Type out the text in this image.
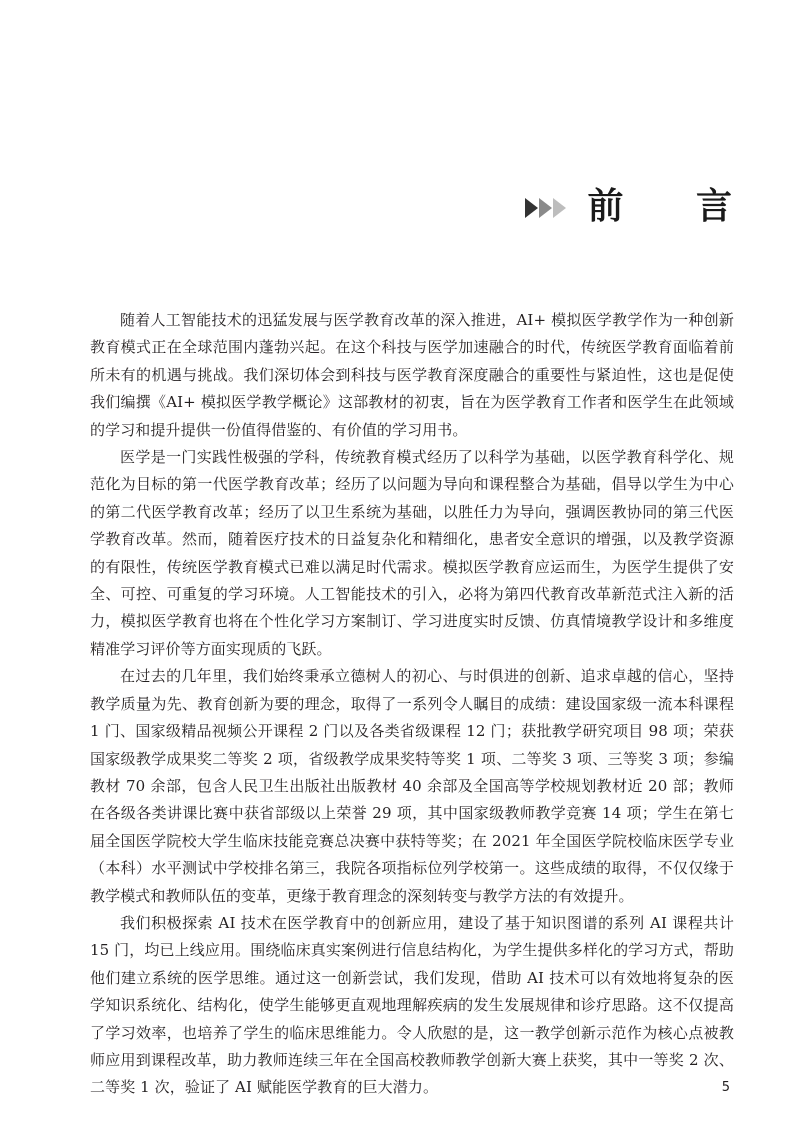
前 言

随着人工智能技术的迅猛发展与医学教育改革的深入推进，AI+ 模拟医学教学作为一种创新教育模式正在全球范围内蓬勃兴起。在这个科技与医学加速融合的时代，传统医学教育面临着前所未有的机遇与挑战。我们深切体会到科技与医学教育深度融合的重要性与紧迫性，这也是促使我们编撰《AI+ 模拟医学教学概论》这部教材的初衷，旨在为医学教育工作者和医学生在此领域的学习和提升提供一份值得借鉴的、有价值的学习用书。

医学是一门实践性极强的学科，传统教育模式经历了以科学为基础，以医学教育科学化、规范化为目标的第一代医学教育改革；经历了以问题为导向和课程整合为基础，倡导以学生为中心的第二代医学教育改革；经历了以卫生系统为基础，以胜任力为导向，强调医教协同的第三代医学教育改革。然而，随着医疗技术的日益复杂化和精细化，患者安全意识的增强，以及教学资源的有限性，传统医学教育模式已难以满足时代需求。模拟医学教育应运而生，为医学生提供了安全、可控、可重复的学习环境。人工智能技术的引入，必将为第四代教育改革新范式注入新的活力，模拟医学教育也将在个性化学习方案制订、学习进度实时反馈、仿真情境教学设计和多维度精准学习评价等方面实现质的飞跃。

在过去的几年里，我们始终秉承立德树人的初心、与时俱进的创新、追求卓越的信心，坚持教学质量为先、教育创新为要的理念，取得了一系列令人瞩目的成绩：建设国家级一流本科课程 1 门、国家级精品视频公开课程 2 门以及各类省级课程 12 门；获批教学研究项目 98 项；荣获国家级教学成果奖二等奖 2 项，省级教学成果奖特等奖 1 项、二等奖 3 项、三等奖 3 项；参编教材 70 余部，包含人民卫生出版社出版教材 40 余部及全国高等学校规划教材近 20 部；教师在各级各类讲课比赛中获省部级以上荣誉 29 项，其中国家级教师教学竞赛 14 项；学生在第七届全国医学院校大学生临床技能竞赛总决赛中获特等奖；在 2021 年全国医学院校临床医学专业（本科）水平测试中学校排名第三，我院各项指标位列学校第一。这些成绩的取得，不仅仅缘于教学模式和教师队伍的变革，更缘于教育理念的深刻转变与教学方法的有效提升。

我们积极探索 AI 技术在医学教育中的创新应用，建设了基于知识图谱的系列 AI 课程共计 15 门，均已上线应用。围绕临床真实案例进行信息结构化，为学生提供多样化的学习方式，帮助他们建立系统的医学思维。通过这一创新尝试，我们发现，借助 AI 技术可以有效地将复杂的医学知识系统化、结构化，使学生能够更直观地理解疾病的发生发展规律和诊疗思路。这不仅提高了学习效率，也培养了学生的临床思维能力。令人欣慰的是，这一教学创新示范作为核心点被教师应用到课程改革，助力教师连续三年在全国高校教师教学创新大赛上获奖，其中一等奖 2 次、二等奖 1 次，验证了 AI 赋能医学教育的巨大潜力。	5
